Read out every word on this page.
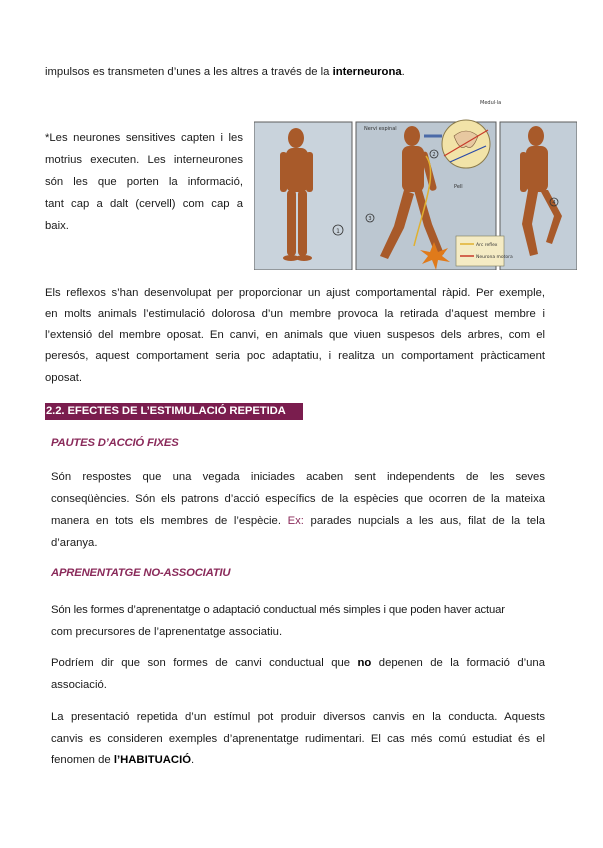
impulsos es transmeten d’unes a les altres a través de la interneurona.
*Les neurones sensitives capten i les
motrius executen. Les interneurones
són les que porten la informació,
tant cap a dalt (cervell) com cap a
baix.	1
Nervi espinal
Medul·la
Pell
2
3
Arc reflex
Neurona motora
4
Els reflexos s’han desenvolupat per proporcionar un ajust comportamental ràpid. Per exemple,
en molts animals l’estimulació dolorosa d’un membre provoca la retirada d’aquest membre i
l’extensió del membre oposat. En canvi, en animals que viuen suspesos dels arbres, com el
peresós, aquest comportament seria poc adaptatiu, i realitza un comportament pràcticament
oposat.
2.2. EFECTES DE L’ESTIMULACIÓ REPETIDA
PAUTES D’ACCIÓ FIXES
Són respostes que una vegada iniciades acaben sent independents de les seves
conseqüències. Són els patrons d’acció específics de la espècies que ocorren de la mateixa
manera en tots els membres de l’espècie. Ex: parades nupcials a les aus, filat de la tela
d’aranya.
APRENENTATGE NO-ASSOCIATIU
Són les formes d’aprenentatge o adaptació conductual més simples i que poden haver actuar
com precursores de l’aprenentatge associatiu.
Podríem dir que son formes de canvi conductual que no depenen de la formació d’una
associació.
La presentació repetida d’un estímul pot produir diversos canvis en la conducta. Aquests
canvis es consideren exemples d’aprenentatge rudimentari. El cas més comú estudiat és el
fenomen de l’HABITUACIÓ.
